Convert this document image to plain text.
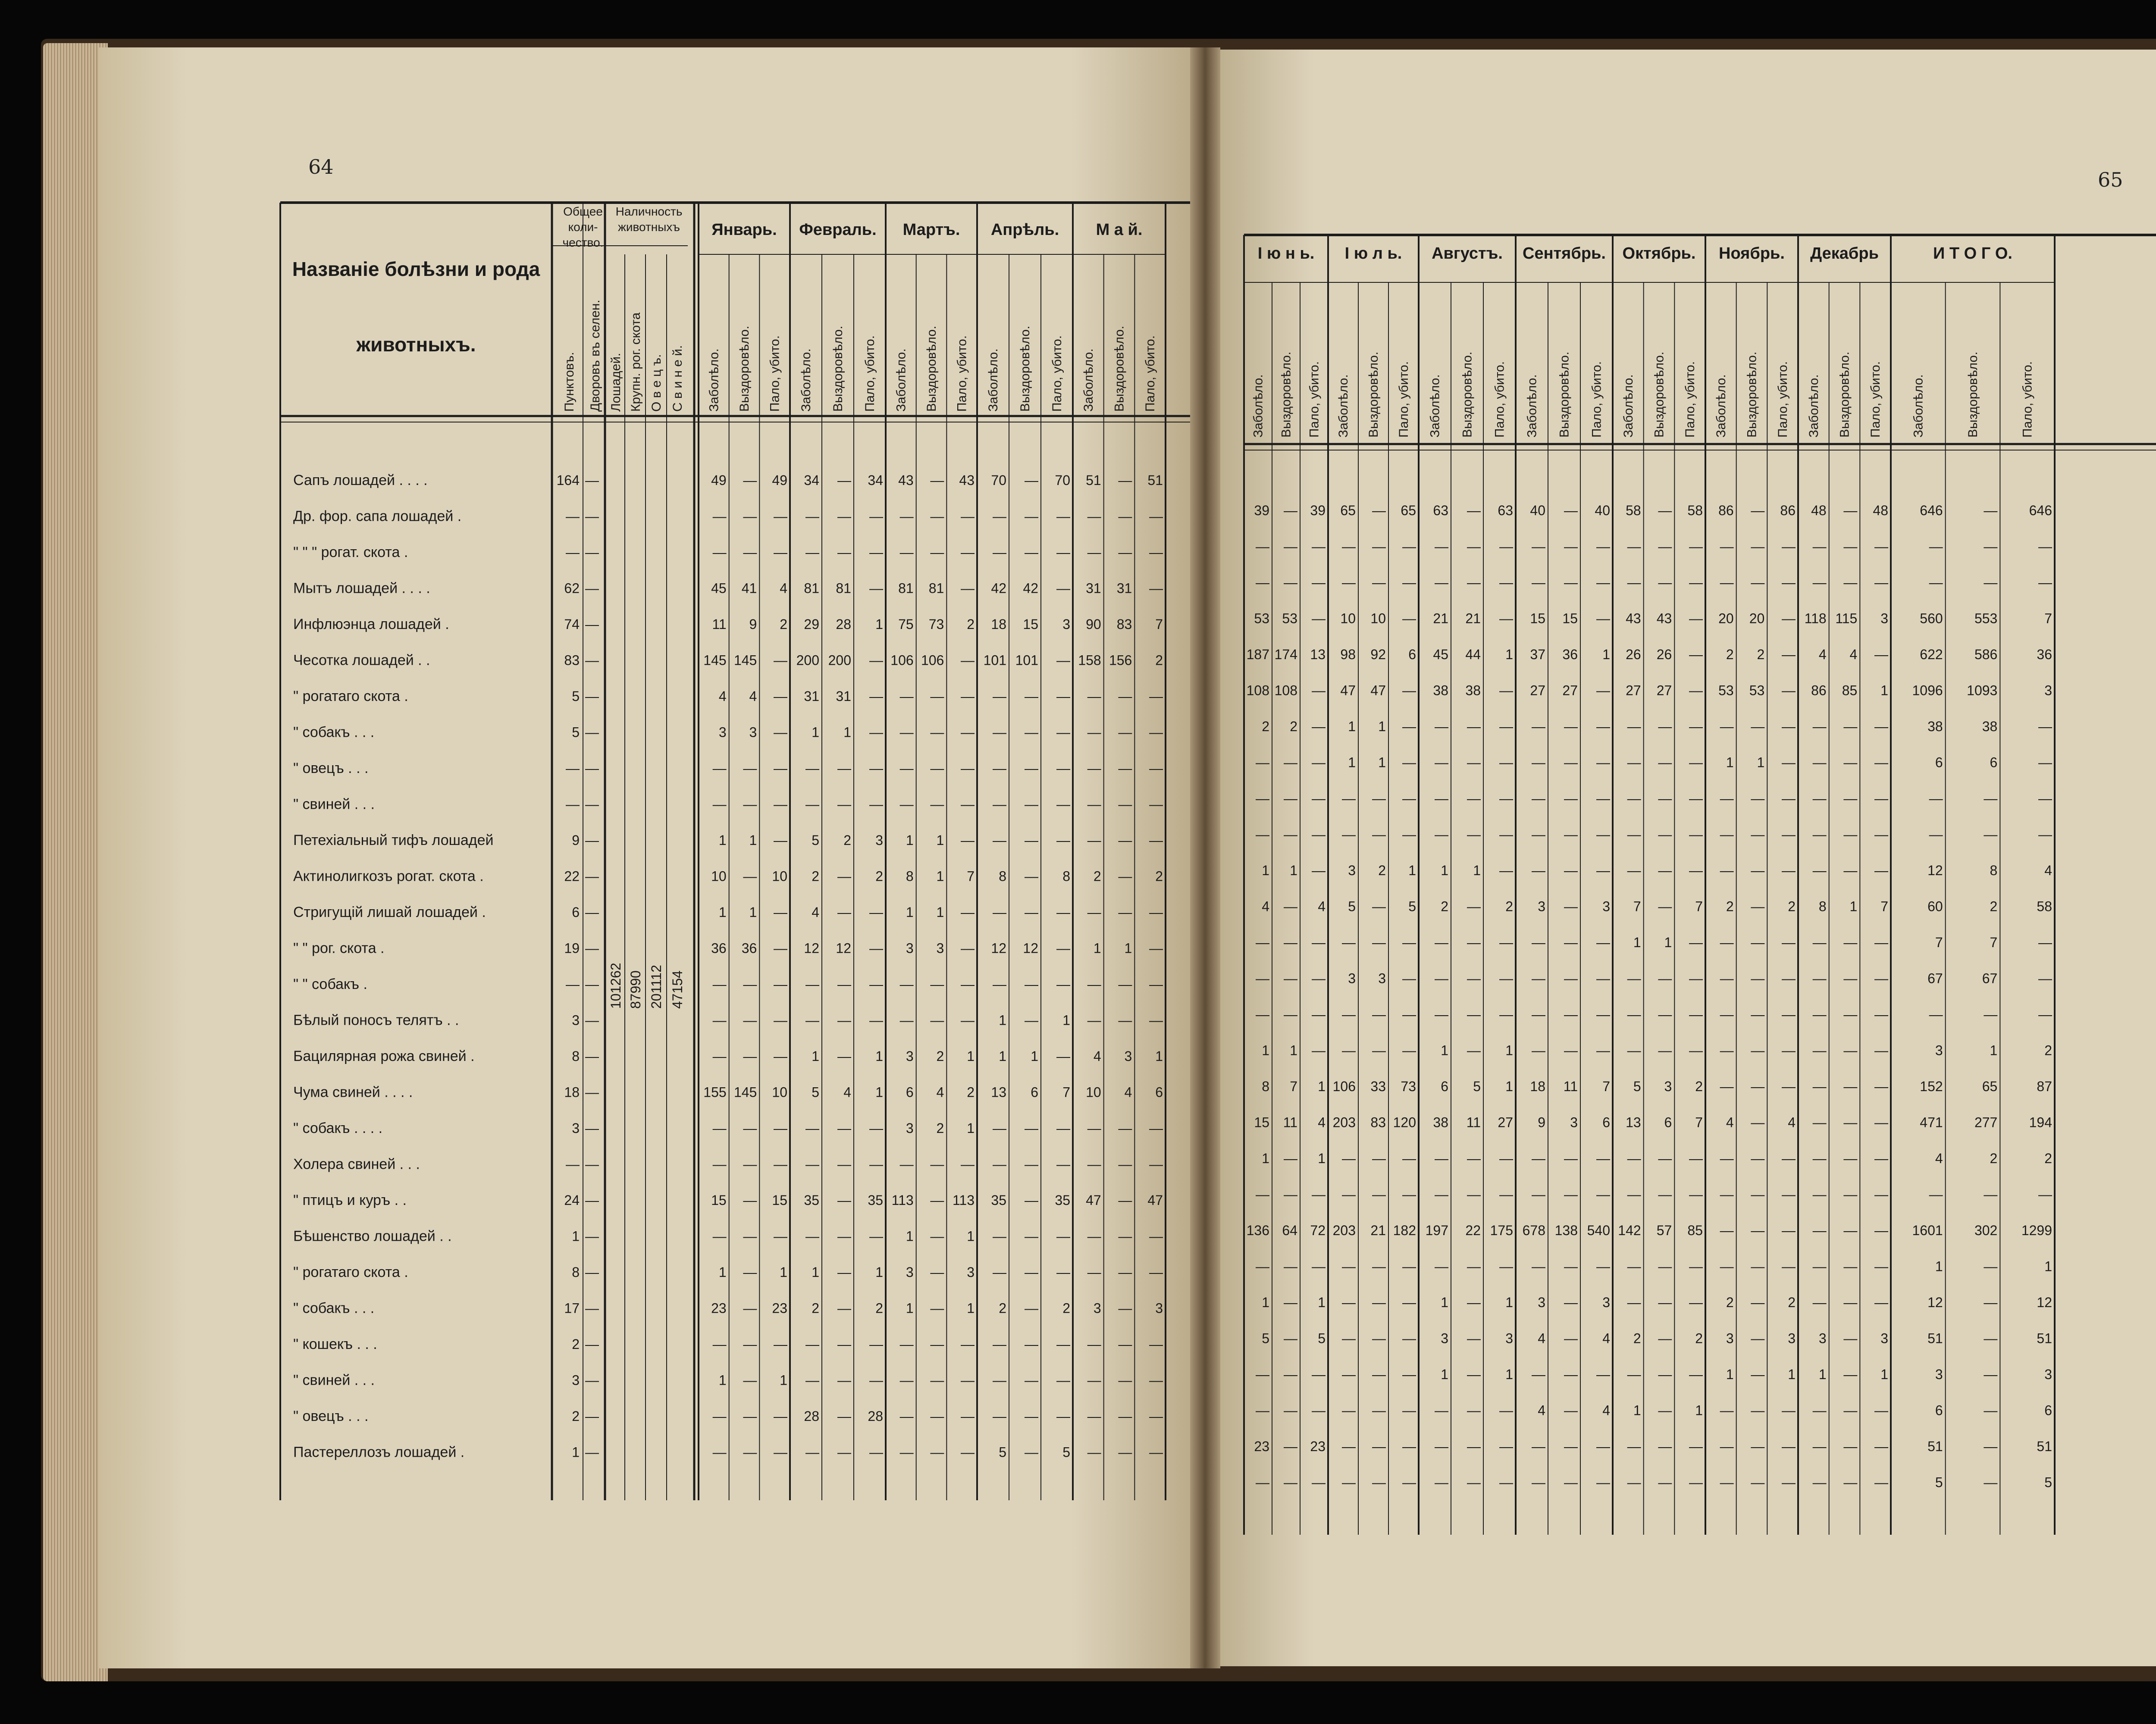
64
65
Названіе болѣзни и рода
животныхъ.
Общее
коли-
чество.
Наличность
животныхъ
Пунктовъ. Дворовъ въ селен. Лошадей. Крупн. рог. скота О в е ц ъ. С в и н е й.
101262 87990 201112 47154
Январь.
Заболѣло. Выздоровѣло. Пало, убито.
Февраль.
Заболѣло. Выздоровѣло. Пало, убито.
Мартъ.
Заболѣло. Выздоровѣло. Пало, убито.
Апрѣль.
Заболѣло. Выздоровѣло. Пало, убито.
М а й.
Заболѣло. Выздоровѣло. Пало, убито.
Сапъ лошадей . . . .	164 —	49 — 49 34 — 34 43 — 43 70 — 70 51 — 51
Др. фор. сапа лошадей .	— —	— — — — — — — — — — — — — — —
" " " рогат. скота .	— —	— — — — — — — — — — — — — — —
Мытъ лошадей . . . .	62 —	45 41 4 81 81 — 81 81 — 42 42 — 31 31 —
Инфлюэнца лошадей .	74 —	11 9 2 29 28 1 75 73 2 18 15 3 90 83 7
Чесотка лошадей . .	83 —	145 145 — 200 200 — 106 106 — 101 101 — 158 156 2
" рогатаго скота .	5 —	4 4 — 31 31 — — — — — — — — — —
" собакъ . . .	5 —	3 3 — 1 1 — — — — — — — — — —
" овецъ . . .	— —	— — — — — — — — — — — — — — —
" свиней . . .	— —	— — — — — — — — — — — — — — —
Петехіальный тифъ лошадей	9 —	1 1 — 5 2 3 1 1 — — — — — — —
Актинолигкозъ рогат. скота .	22 —	10 — 10 2 — 2 8 1 7 8 — 8 2 — 2
Стригущій лишай лошадей .	6 —	1 1 — 4 — — 1 1 — — — — — — —
" " рог. скота .	19 —	36 36 — 12 12 — 3 3 — 12 12 — 1 1 —
" " собакъ .	— —	— — — — — — — — — — — — — — —
Бѣлый поносъ телятъ . .	3 —	— — — — — — — — — 1 — 1 — — —
Бацилярная рожа свиней .	8 —	— — — 1 — 1 3 2 1 1 1 — 4 3 1
Чума свиней . . . .	18 —	155 145 10 5 4 1 6 4 2 13 6 7 10 4 6
" собакъ . . . .	3 —	— — — — — — 3 2 1 — — — — — —
Холера свиней . . .	— —	— — — — — — — — — — — — — — —
" птицъ и куръ . .	24 —	15 — 15 35 — 35 113 — 113 35 — 35 47 — 47
Бѣшенство лошадей . .	1 —	— — — — — — 1 — 1 — — — — — —
" рогатаго скота .	8 —	1 — 1 1 — 1 3 — 3 — — — — — —
" собакъ . . .	17 —	23 — 23 2 — 2 1 — 1 2 — 2 3 — 3
" кошекъ . . .	2 —	— — — — — — — — — — — — — — —
" свиней . . .	3 —	1 — 1 — — — — — — — — — — — —
" овецъ . . .	2 —	— — — 28 — 28 — — — — — — — — —
Пастереллозъ лошадей .	1 —	— — — — — — — — — 5 — 5 — — —
I ю н ь.
Заболѣло. Выздоровѣло. Пало, убито.
I ю л ь.
Заболѣло. Выздоровѣло. Пало, убито.
Августъ.
Заболѣло. Выздоровѣло. Пало, убито.
Сентябрь.
Заболѣло. Выздоровѣло. Пало, убито.
Октябрь.
Заболѣло. Выздоровѣло. Пало, убито.
Ноябрь.
Заболѣло. Выздоровѣло. Пало, убито.
Декабрь
Заболѣло. Выздоровѣло. Пало, убито.
И Т О Г О.
Заболѣло.	Выздоровѣло.	Пало, убито.
39 — 39 65 — 65 63 — 63 40 — 40 58 — 58 86 — 86 48 — 48 646	— 646
— — — — — — — — — — — — — — — — — — — — —	—	—	—
— — — — — — — — — — — — — — — — — — — — —	—	—	—
53 53 — 10 10 — 21 21 — 15 15 — 43 43 — 20 20 — 118 115 3 560 553	7
187 174 13 98 92 6 45 44 1 37 36 1 26 26 — 2 2 — 4 4 — 622 586	36
108 108 — 47 47 — 38 38 — 27 27 — 27 27 — 53 53 — 86 85 1 1096 1093	3
2 2 — 1 1 — — — — — — — — — — — — — — — —	38	38	—
— — — 1 1 — — — — — — — — — — 1 1 — — — —	6	6	—
— — — — — — — — — — — — — — — — — — — — —	—	—	—
— — — — — — — — — — — — — — — — — — — — —	—	—	—
1 1 — 3 2 1 1 1 — — — — — — — — — — — — —	12	8	4
4 — 4 5 — 5 2 — 2 3 — 3 7 — 7 2 — 2 8 1 7	60	2	58
— — — — — — — — — — — — 1 1 — — — — — — —	7	7	—
— — — 3 3 — — — — — — — — — — — — — — — —	67	67	—
— — — — — — — — — — — — — — — — — — — — —	—	—	—
1 1 — — — — 1 — 1 — — — — — — — — — — — —	3	1	2
8 7 1 106 33 73 6 5 1 18 11 7 5 3 2 — — — — — — 152	65	87
15 11 4 203 83 120 38 11 27 9 3 6 13 6 7 4 — 4 — — — 471 277 194
1 — 1 — — — — — — — — — — — — — — — — — —	4	2	2
— — — — — — — — — — — — — — — — — — — — —	—	—	—
136 64 72 203 21 182 197 22 175 678 138 540 142 57 85 — — — — — — 1601 302 1299
— — — — — — — — — — — — — — — — — — — — —	1	—	1
1 — 1 — — — 1 — 1 3 — 3 — — — 2 — 2 — — —	12	—	12
5 — 5 — — — 3 — 3 4 — 4 2 — 2 3 — 3 3 — 3	51	—	51
— — — — — — 1 — 1 — — — — — — 1 — 1 1 — 1	3	—	3
— — — — — — — — — 4 — 4 1 — 1 — — — — — —	6	—	6
23 — 23 — — — — — — — — — — — — — — — — — —	51	—	51
— — — — — — — — — — — — — — — — — — — — —	5	—	5
